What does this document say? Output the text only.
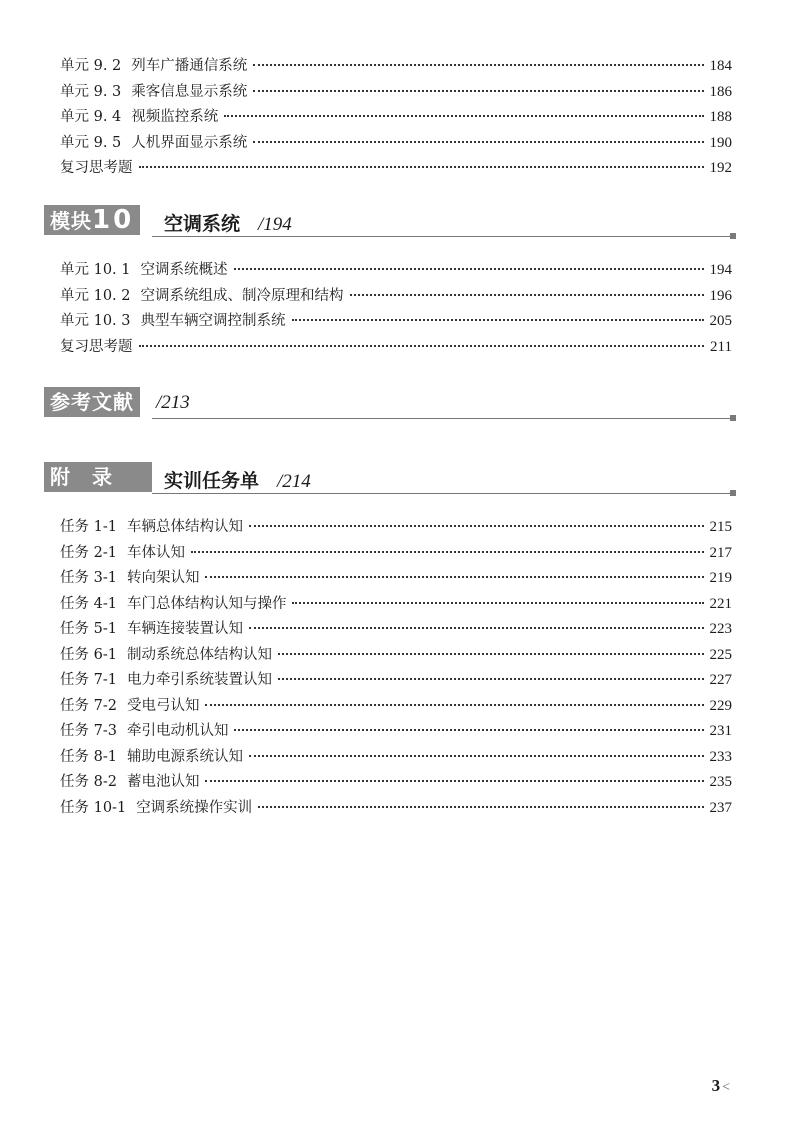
单元 9. 2 列车广播通信系统	184
单元 9. 3 乘客信息显示系统	186
单元 9. 4 视频监控系统	188
单元 9. 5 人机界面显示系统	190
复习思考题	192
模块10	空调系统 /194
单元 10. 1 空调系统概述	194
单元 10. 2 空调系统组成、制冷原理和结构	196
单元 10. 3 典型车辆空调控制系统	205
复习思考题	211
参考文献	/213
附　录	实训任务单 /214
任务 1-1 车辆总体结构认知	215
任务 2-1 车体认知	217
任务 3-1 转向架认知	219
任务 4-1 车门总体结构认知与操作	221
任务 5-1 车辆连接装置认知	223
任务 6-1 制动系统总体结构认知	225
任务 7-1 电力牵引系统装置认知	227
任务 7-2 受电弓认知	229
任务 7-3 牵引电动机认知	231
任务 8-1 辅助电源系统认知	233
任务 8-2 蓄电池认知	235
任务 10-1 空调系统操作实训	237
3 <
